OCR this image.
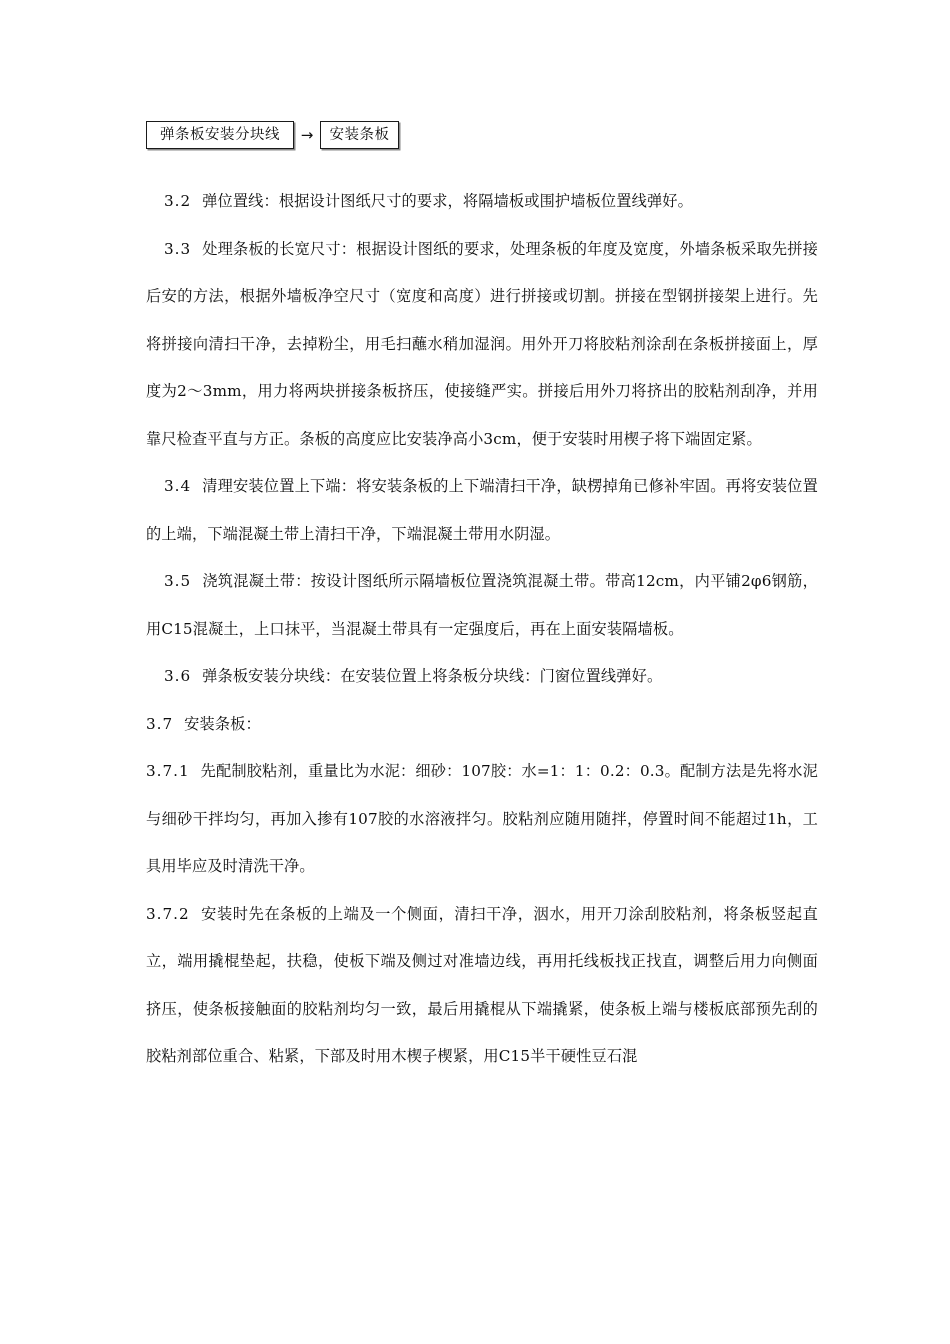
弹条板安装分块线	→	安装条板

3.2 弹位置线：根据设计图纸尺寸的要求，将隔墙板或围护墙板位置线弹好。

3.3 处理条板的长宽尺寸：根据设计图纸的要求，处理条板的年度及宽度，外墙条板采取先拼接后安的方法，根据外墙板净空尺寸（宽度和高度）进行拼接或切割。拼接在型钢拼接架上进行。先将拼接向清扫干净，去掉粉尘，用毛扫蘸水稍加湿润。用外开刀将胶粘剂涂刮在条板拼接面上，厚度为2～3mm，用力将两块拼接条板挤压，使接缝严实。拼接后用外刀将挤出的胶粘剂刮净，并用靠尺检查平直与方正。条板的高度应比安装净高小3cm，便于安装时用楔子将下端固定紧。

3.4 清理安装位置上下端：将安装条板的上下端清扫干净，缺楞掉角已修补牢固。再将安装位置的上端，下端混凝土带上清扫干净，下端混凝土带用水阴湿。

3.5 浇筑混凝土带：按设计图纸所示隔墙板位置浇筑混凝土带。带高12cm，内平铺2φ6钢筋，用C15混凝土，上口抹平，当混凝土带具有一定强度后，再在上面安装隔墙板。

3.6 弹条板安装分块线：在安装位置上将条板分块线：门窗位置线弹好。

3.7 安装条板：

3.7.1 先配制胶粘剂，重量比为水泥：细砂：107胶：水=1：1：0.2：0.3。配制方法是先将水泥与细砂干拌均匀，再加入掺有107胶的水溶液拌匀。胶粘剂应随用随拌，停置时间不能超过1h，工具用毕应及时清洗干净。

3.7.2 安装时先在条板的上端及一个侧面，清扫干净，洇水，用开刀涂刮胶粘剂，将条板竖起直立，端用撬棍垫起，扶稳，使板下端及侧过对准墙边线，再用托线板找正找直，调整后用力向侧面挤压，使条板接触面的胶粘剂均匀一致，最后用撬棍从下端撬紧，使条板上端与楼板底部预先刮的胶粘剂部位重合、粘紧，下部及时用木楔子楔紧，用C15半干硬性豆石混
